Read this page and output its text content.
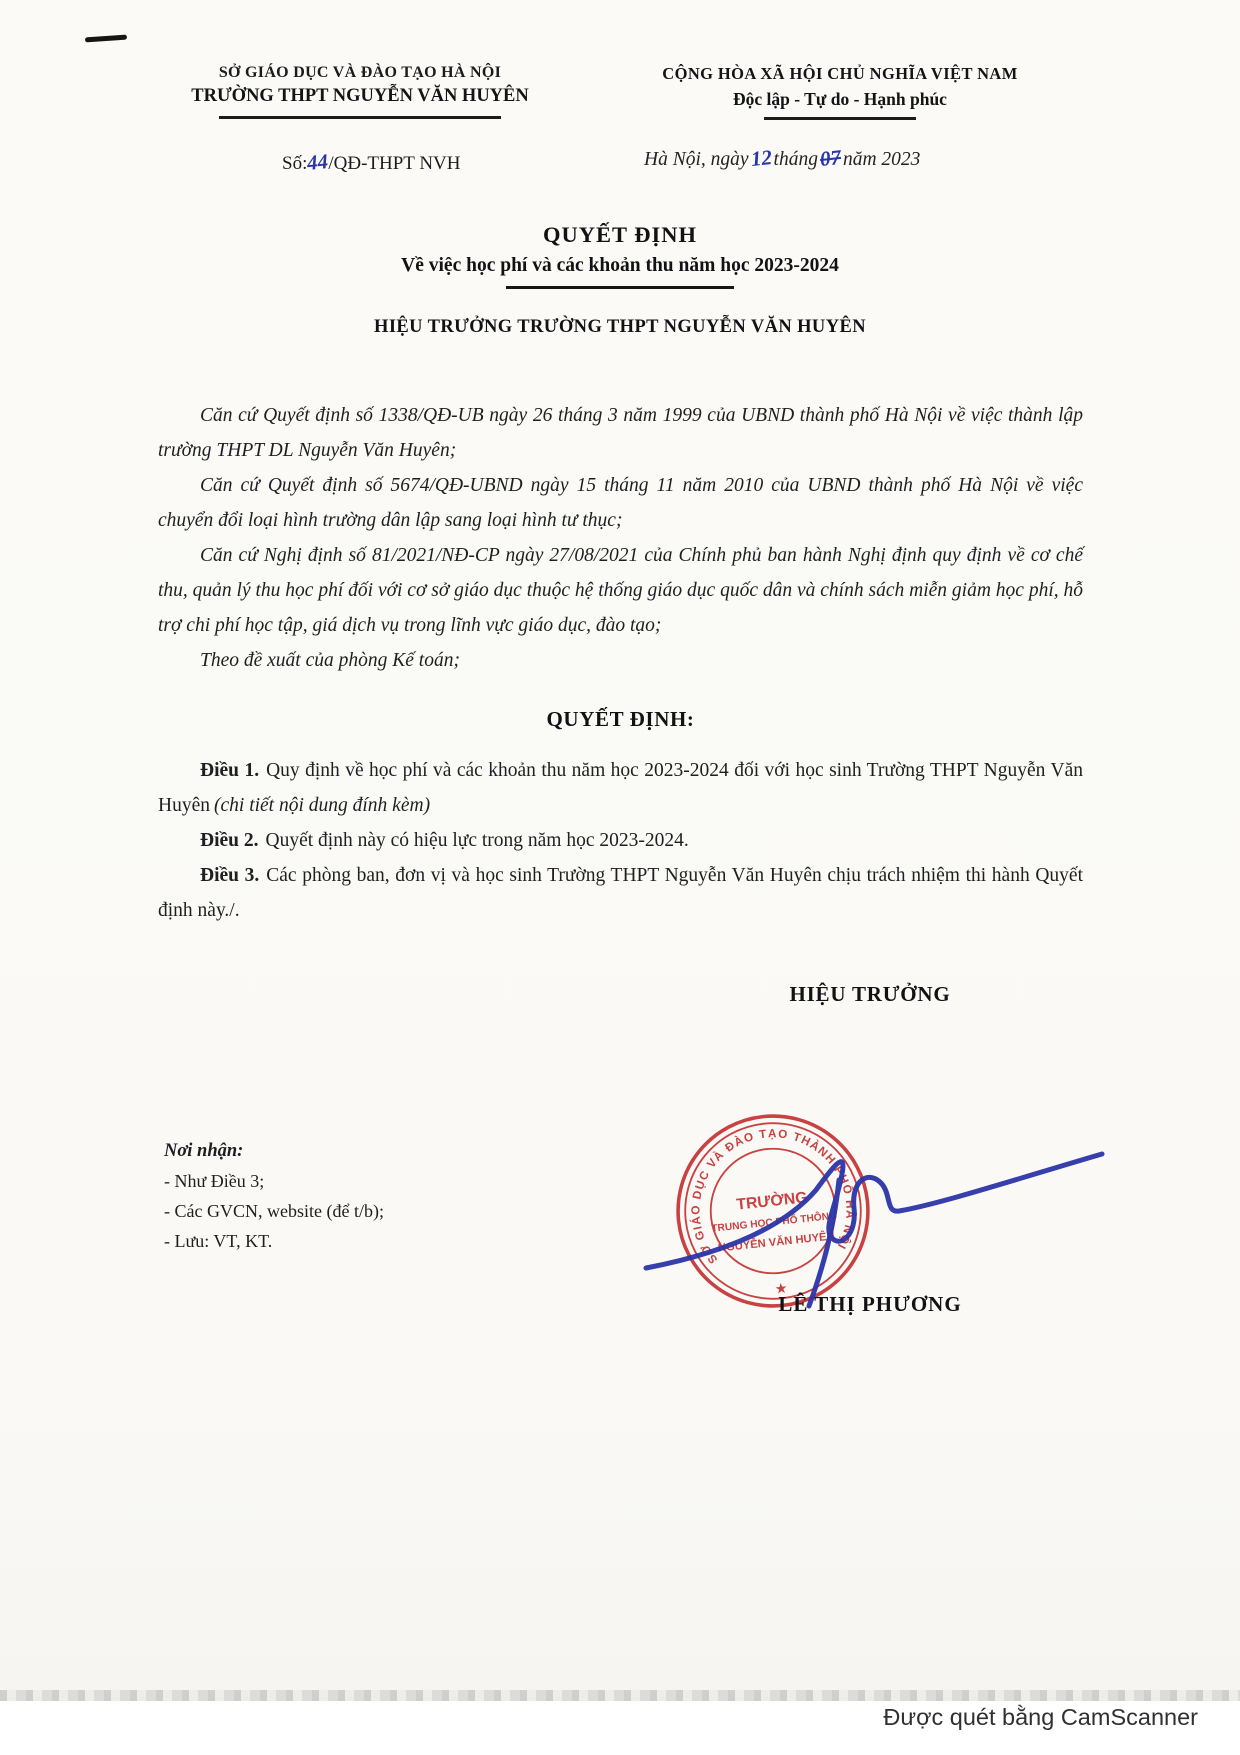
SỞ GIÁO DỤC VÀ ĐÀO TẠO HÀ NỘI
TRƯỜNG THPT NGUYỄN VĂN HUYÊN
CỘNG HÒA XÃ HỘI CHỦ NGHĨA VIỆT NAM
Độc lập - Tự do - Hạnh phúc
Số:44/QĐ-THPT NVH	Hà Nội, ngày12tháng07năm 2023
QUYẾT ĐỊNH
Về việc học phí và các khoản thu năm học 2023-2024
HIỆU TRƯỞNG TRƯỜNG THPT NGUYỄN VĂN HUYÊN

Căn cứ Quyết định số 1338/QĐ-UB ngày 26 tháng 3 năm 1999 của UBND thành phố Hà Nội về việc thành lập trường THPT DL Nguyễn Văn Huyên;

Căn cứ Quyết định số 5674/QĐ-UBND ngày 15 tháng 11 năm 2010 của UBND thành phố Hà Nội về việc chuyển đổi loại hình trường dân lập sang loại hình tư thục;

Căn cứ Nghị định số 81/2021/NĐ-CP ngày 27/08/2021 của Chính phủ ban hành Nghị định quy định về cơ chế thu, quản lý thu học phí đối với cơ sở giáo dục thuộc hệ thống giáo dục quốc dân và chính sách miễn giảm học phí, hỗ trợ chi phí học tập, giá dịch vụ trong lĩnh vực giáo dục, đào tạo;

Theo đề xuất của phòng Kế toán;

QUYẾT ĐỊNH:

Điều 1. Quy định về học phí và các khoản thu năm học 2023-2024 đối với học sinh Trường THPT Nguyễn Văn Huyên (chi tiết nội dung đính kèm)

Điều 2. Quyết định này có hiệu lực trong năm học 2023-2024.

Điều 3. Các phòng ban, đơn vị và học sinh Trường THPT Nguyễn Văn Huyên chịu trách nhiệm thi hành Quyết định này./.

HIỆU TRƯỞNG
Nơi nhận:
- Như Điều 3;
- Các GVCN, website (để t/b);
- Lưu: VT, KT.
SỞ GIÁO DỤC VÀ ĐÀO TẠO THÀNH PHỐ HÀ NỘI
TRƯỜNG
TRUNG HỌC PHỔ THÔNG
NGUYỄN VĂN HUYÊN
★
LÊ THỊ PHƯƠNG
Được quét bằng CamScanner
